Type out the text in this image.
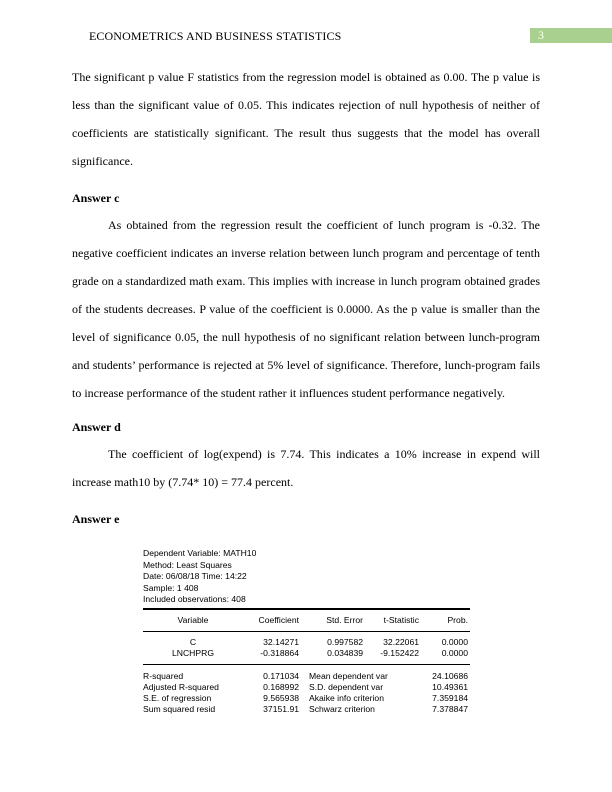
ECONOMETRICS AND BUSINESS STATISTICS	3
The significant p value F statistics from the regression model is obtained as 0.00. The p value is less than the significant value of 0.05. This indicates rejection of null hypothesis of neither of coefficients are statistically significant. The result thus suggests that the model has overall significance.
Answer c
As obtained from the regression result the coefficient of lunch program is -0.32. The negative coefficient indicates an inverse relation between lunch program and percentage of tenth grade on a standardized math exam. This implies with increase in lunch program obtained grades of the students decreases. P value of the coefficient is 0.0000. As the p value is smaller than the level of significance 0.05, the null hypothesis of no significant relation between lunch-program and students’ performance is rejected at 5% level of significance. Therefore, lunch-program fails to increase performance of the student rather it influences student performance negatively.
Answer d
The coefficient of log(expend) is 7.74. This indicates a 10% increase in expend will increase math10 by (7.74* 10) = 77.4 percent.
Answer e
Dependent Variable: MATH10
Method: Least Squares
Date: 06/08/18 Time: 14:22
Sample: 1 408
Included observations: 408
Variable	Coefficient	Std. Error	t-Statistic	Prob.
C	32.14271	0.997582	32.22061	0.0000
LNCHPRG	-0.318864	0.034839	-9.152422	0.0000
R-squared	0.171034 Mean dependent var	24.10686
Adjusted R-squared	0.168992 S.D. dependent var	10.49361
S.E. of regression	9.565938 Akaike info criterion	7.359184
Sum squared resid	37151.91 Schwarz criterion	7.378847
